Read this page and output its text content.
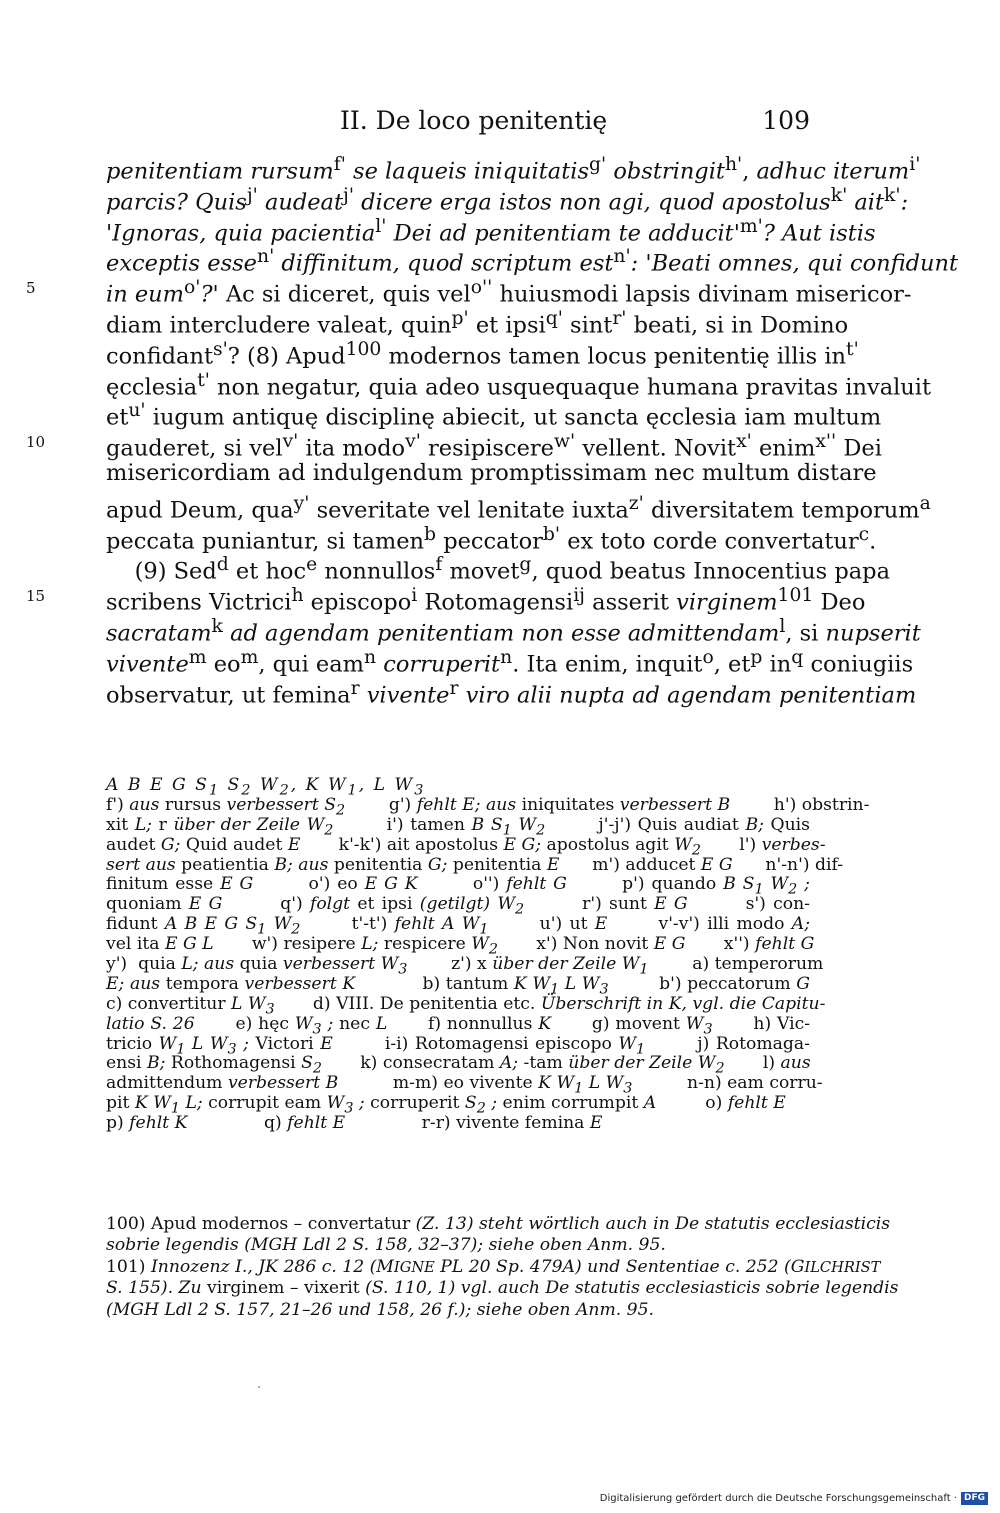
II. De loco penitentię	109
penitentiam rursum$^{f'}$ se laqueis iniquitatis$^{g'}$ obstringit$^{h'}$, adhuc iterum$^{i'}$
parcis? Quis$^{j'}$ audeat$^{j'}$ dicere erga istos non agi, quod apostolus$^{k'}$ ait$^{k'}$:
'Ignoras, quia pacientia$^{l'}$ Dei ad penitentiam te $adducit'^{m'}$? Aut istis
exceptis esse$^{n'}$ diffinitum, quod scriptum est$^{n'}$: 'Beati omnes, qui confidunt
in eum$^{o'}$?' Ac si diceret, quis vel$^{o''}$ huiusmodi lapsis divinam misericor-
5
diam intercludere valeat, quin$^{p'}$ et ipsi$^{q'}$ sint$^{r'}$ beati, si in Domino
confidant$^{s'}$? (8) Apud$^{100}$ modernos tamen locus penitentię illis $in^{t'}$
ęcclesia$^{t'}$ non negatur, quia adeo usquequaque humana pravitas invaluit
$et^{u'}$ iugum antiquę disciplinę abiecit, ut sancta ęcclesia iam multum
gauderet, si vel$^{v'}$ ita modo$^{v'}$ resipiscere$^{w'}$ vellent. Novit$^{x'}$ enim$^{x''}$ Dei
10
misericordiam ad indulgendum promptissimam nec multum distare
apud Deum, qua$^{y'}$ severitate vel lenitate iuxta$^{z'}$ diversitatem temporum$^a$
peccata puniantur, si tamen$^b$ peccator$^{b'}$ ex toto corde convertatur$^c$.
(9) Sed$^d$ et hoc$^e$ nonnullos$^f$ movet$^g$, quod beatus Innocentius papa
scribens Victrici$^h$ episcopo$^i$ Rotomagensi$^{ij}$ asserit virginem$^{101}$ Deo
15
sacratam$^k$ ad agendam penitentiam non esse admittendam$^l$, si nupserit
vivente$^m$ $eo^m$, qui eam$^n$ corruperit$^n$. Ita enim, inquit$^o$, $et^p$ $in^q$ coniugiis
observatur, ut femina$^r$ vivente$^r$ viro alii nupta ad agendam penitentiam
A B E G $S_1$ $S_2$ $W_2$, K $W_1$, L $W_3$
f') aus rursus verbessert $S_2$        g') fehlt E; aus iniquitates verbessert B        h') obstrin-
xit L; r über der Zeile $W_2$        i') tamen B $S_1$ $W_2$        j'-j') Quis audiat B; Quis
audet G; Quid audet E       k'-k') ait apostolus E G; apostolus agit $W_2$       l') verbes-
sert aus peatientia B; aus penitentia G; penitentia E      m') adducet E G      n'-n') dif-
finitum esse E G        o') eo E G K        o'') fehlt G        p') quando B $S_1$ $W_2$ ;
quoniam E G        q') folgt et ipsi (getilgt) $W_2$        r') sunt E G        s') con-
fidunt A B E G $S_1$ $W_2$       t'-t') fehlt A $W_1$       u') ut E       v'-v') illi modo A;
vel ita E G L       w') resipere L; respicere $W_2$       x') Non novit E G       x'') fehlt G
y')  quia L; aus quia verbessert $W_3$        z') x über der Zeile $W_1$        a) temperorum
E; aus tempora verbessert K            b) tantum K $W_1$ L $W_3$         b') peccatorum G
c) convertitur L $W_3$       d) VIII. De penitentia etc. Überschrift in K, vgl. die Capitu-
latio S. 26       e) hęc $W_3$ ; nec L       f) nonnullus K       g) movent $W_3$       h) Vic-
tricio $W_1$ L $W_3$ ; Victori E        i-i) Rotomagensi episcopo $W_1$        j) Rotomaga-
ensi B; Rothomagensi $S_2$       k) consecratam A; -tam über der Zeile $W_2$       l) aus
admittendum verbessert B          m-m) eo vivente K $W_1$ L $W_3$          n-n) eam corru-
pit K $W_1$ L; corrupit eam $W_3$ ; corruperit $S_2$ ; enim corrumpit A         o) fehlt E
p) fehlt K              q) fehlt E              r-r) vivente femina E
100) Apud modernos – convertatur (Z. 13) steht wörtlich auch in De statutis ecclesiasticis
sobrie legendis (MGH Ldl 2 S. 158, 32–37); siehe oben Anm. 95.
101) Innozenz I., JK 286 c. 12 (MIGNE PL 20 Sp. 479A) und Sententiae c. 252 (GILCHRIST
S. 155). Zu virginem – vixerit (S. 110, 1) vgl. auch De statutis ecclesiasticis sobrie legendis
(MGH Ldl 2 S. 157, 21–26 und 158, 26 f.); siehe oben Anm. 95.
Digitalisierung gefördert durch die Deutsche Forschungsgemeinschaft · DFG
